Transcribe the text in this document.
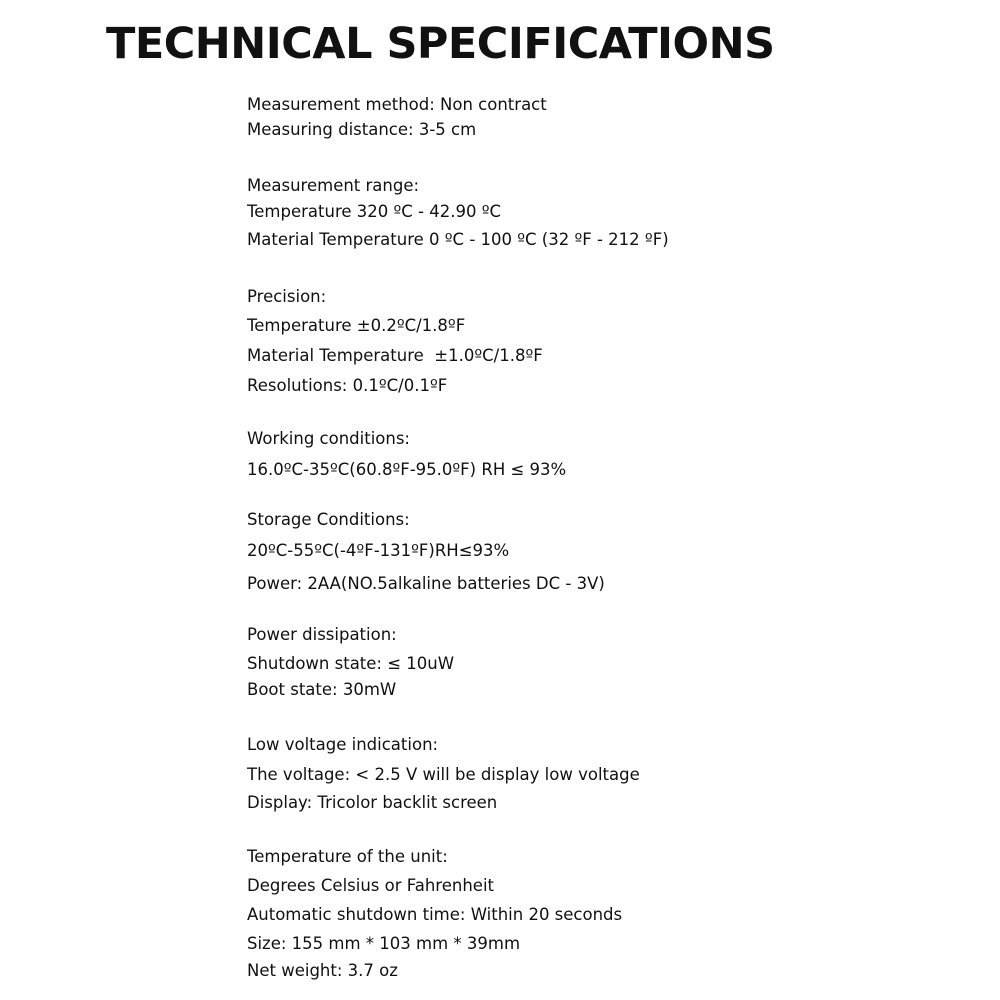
TECHNICAL SPECIFICATIONS
Measurement method: Non contract
Measuring distance: 3-5 cm
Measurement range:
Temperature 320 ºC - 42.90 ºC
Material Temperature 0 ºC - 100 ºC (32 ºF - 212 ºF)
Precision:
Temperature ±0.2ºC/1.8ºF
Material Temperature  ±1.0ºC/1.8ºF
Resolutions: 0.1ºC/0.1ºF
Working conditions:
16.0ºC-35ºC(60.8ºF-95.0ºF) RH ≤ 93%
Storage Conditions:
20ºC-55ºC(-4ºF-131ºF)RH≤93%
Power: 2AA(NO.5alkaline batteries DC - 3V)
Power dissipation:
Shutdown state: ≤ 10uW
Boot state: 30mW
Low voltage indication:
The voltage: < 2.5 V will be display low voltage
Display: Tricolor backlit screen
Temperature of the unit:
Degrees Celsius or Fahrenheit
Automatic shutdown time: Within 20 seconds
Size: 155 mm * 103 mm * 39mm
Net weight: 3.7 oz
